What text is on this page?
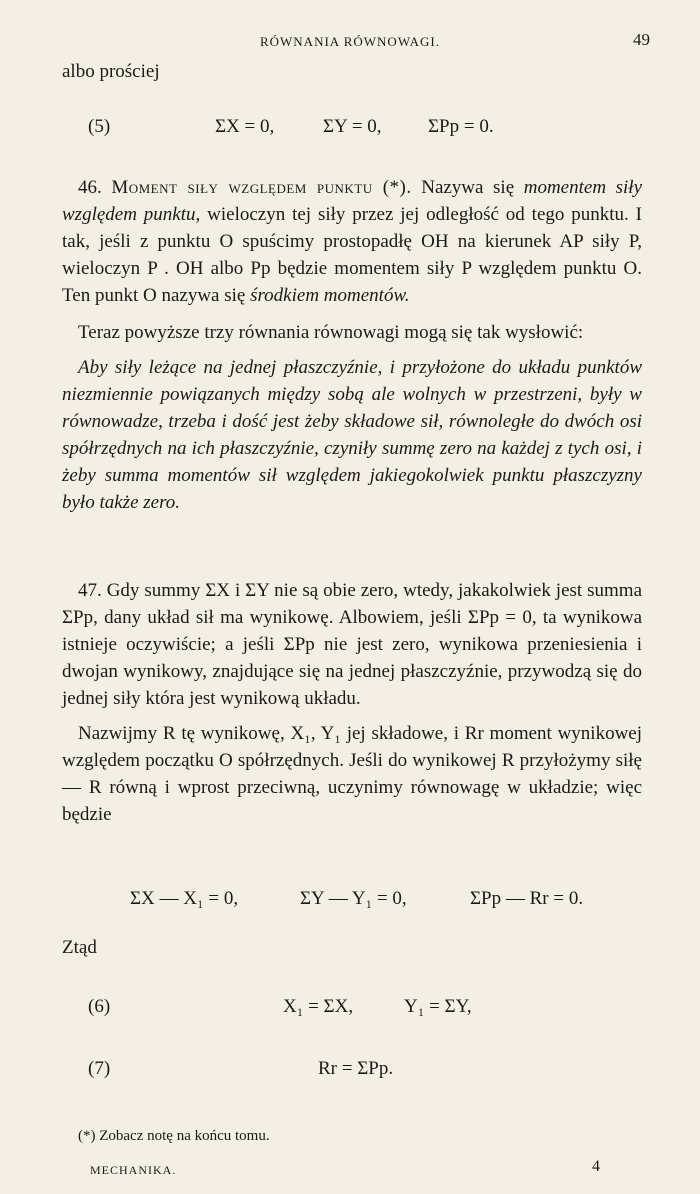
RÓWNANIA RÓWNOWAGI.	49
albo prościej
(5)	ΣX = 0,	ΣY = 0, ΣPp = 0.

46. Moment siły względem punktu (*). Nazywa się momentem siły względem punktu, wieloczyn tej siły przez jej odległość od tego punktu. I tak, jeśli z punktu O spuścimy prostopadłę OH na kierunek AP siły P, wieloczyn P . OH albo Pp będzie momentem siły P względem punktu O. Ten punkt O nazywa się środkiem momentów.

Teraz powyższe trzy równania równowagi mogą się tak wysłowić:

Aby siły leżące na jednej płaszczyźnie, i przyłożone do układu punktów niezmiennie powiązanych między sobą ale wolnych w przestrzeni, były w równowadze, trzeba i dość jest żeby składowe sił, równoległe do dwóch osi spółrzędnych na ich płaszczyźnie, czyniły summę zero na każdej z tych osi, i żeby summa momentów sił względem jakiegokolwiek punktu płaszczyzny było także zero.

47. Gdy summy ΣX i ΣY nie są obie zero, wtedy, jakakolwiek jest summa ΣPp, dany układ sił ma wynikowę. Albowiem, jeśli ΣPp = 0, ta wynikowa istnieje oczywiście; a jeśli ΣPp nie jest zero, wynikowa przeniesienia i dwojan wynikowy, znajdujące się na jednej płaszczyźnie, przywodzą się do jednej siły która jest wynikową układu.

Nazwijmy R tę wynikowę, X₁, Y₁ jej składowe, i Rr moment wynikowej względem początku O spółrzędnych. Jeśli do wynikowej R przyłożymy siłę — R równą i wprost przeciwną, uczynimy równowagę w układzie; więc będzie

ΣX — X₁ = 0,	ΣY — Y₁ = 0,	ΣPp — Rr = 0.
Ztąd
(6)	X₁ = ΣX,	Y₁ = ΣY,
(7)	Rr = ΣPp.
(*) Zobacz notę na końcu tomu.
MECHANIKA.	4
